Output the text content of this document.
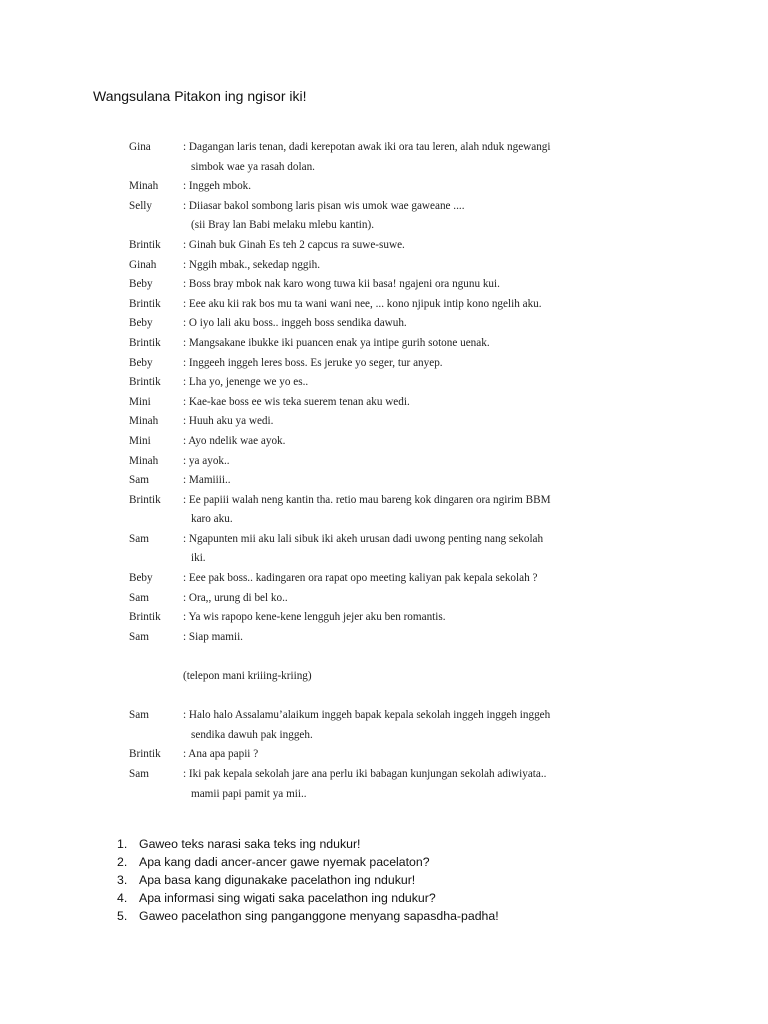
Wangsulana Pitakon ing ngisor iki!
Gina	: Dagangan laris tenan, dadi kerepotan awak iki ora tau leren, alah nduk ngewangi
simbok wae ya rasah dolan.
Minah	: Inggeh mbok.
Selly	: Diiasar bakol sombong laris pisan wis umok wae gaweane ....
(sii Bray lan Babi melaku mlebu kantin).
Brintik	: Ginah buk Ginah Es teh 2 capcus ra suwe-suwe.
Ginah	: Nggih mbak., sekedap nggih.
Beby	: Boss bray mbok nak karo wong tuwa kii basa! ngajeni ora ngunu kui.
Brintik	: Eee aku kii rak bos mu ta wani wani nee, ... kono njipuk intip kono ngelih aku.
Beby	: O iyo lali aku boss.. inggeh boss sendika dawuh.
Brintik	: Mangsakane ibukke iki puancen enak ya intipe gurih sotone uenak.
Beby	: Inggeeh inggeh leres boss. Es jeruke yo seger, tur anyep.
Brintik	: Lha yo, jenenge we yo es..
Mini	: Kae-kae boss ee wis teka suerem tenan aku wedi.
Minah	: Huuh aku ya wedi.
Mini	: Ayo ndelik wae ayok.
Minah	: ya ayok..
Sam	: Mamiiii..
Brintik	: Ee papiii walah neng kantin tha. retio mau bareng kok dingaren ora ngirim BBM
karo aku.
Sam	: Ngapunten mii aku lali sibuk iki akeh urusan dadi uwong penting nang sekolah
iki.
Beby	: Eee pak boss.. kadingaren ora rapat opo meeting kaliyan pak kepala sekolah ?
Sam	: Ora,, urung di bel ko..
Brintik	: Ya wis rapopo kene-kene lengguh jejer aku ben romantis.
Sam	: Siap mamii.
(telepon mani kriiing-kriing)
Sam	: Halo halo Assalamu’alaikum inggeh bapak kepala sekolah inggeh inggeh inggeh
sendika dawuh pak inggeh.
Brintik	: Ana apa papii ?
Sam	: Iki pak kepala sekolah jare ana perlu iki babagan kunjungan sekolah adiwiyata..
mamii papi pamit ya mii..
1. Gaweo teks narasi saka teks ing ndukur!
2. Apa kang dadi ancer-ancer gawe nyemak pacelaton?
3. Apa basa kang digunakake pacelathon ing ndukur!
4. Apa informasi sing wigati saka pacelathon ing ndukur?
5. Gaweo pacelathon sing panganggone menyang sapasdha-padha!
